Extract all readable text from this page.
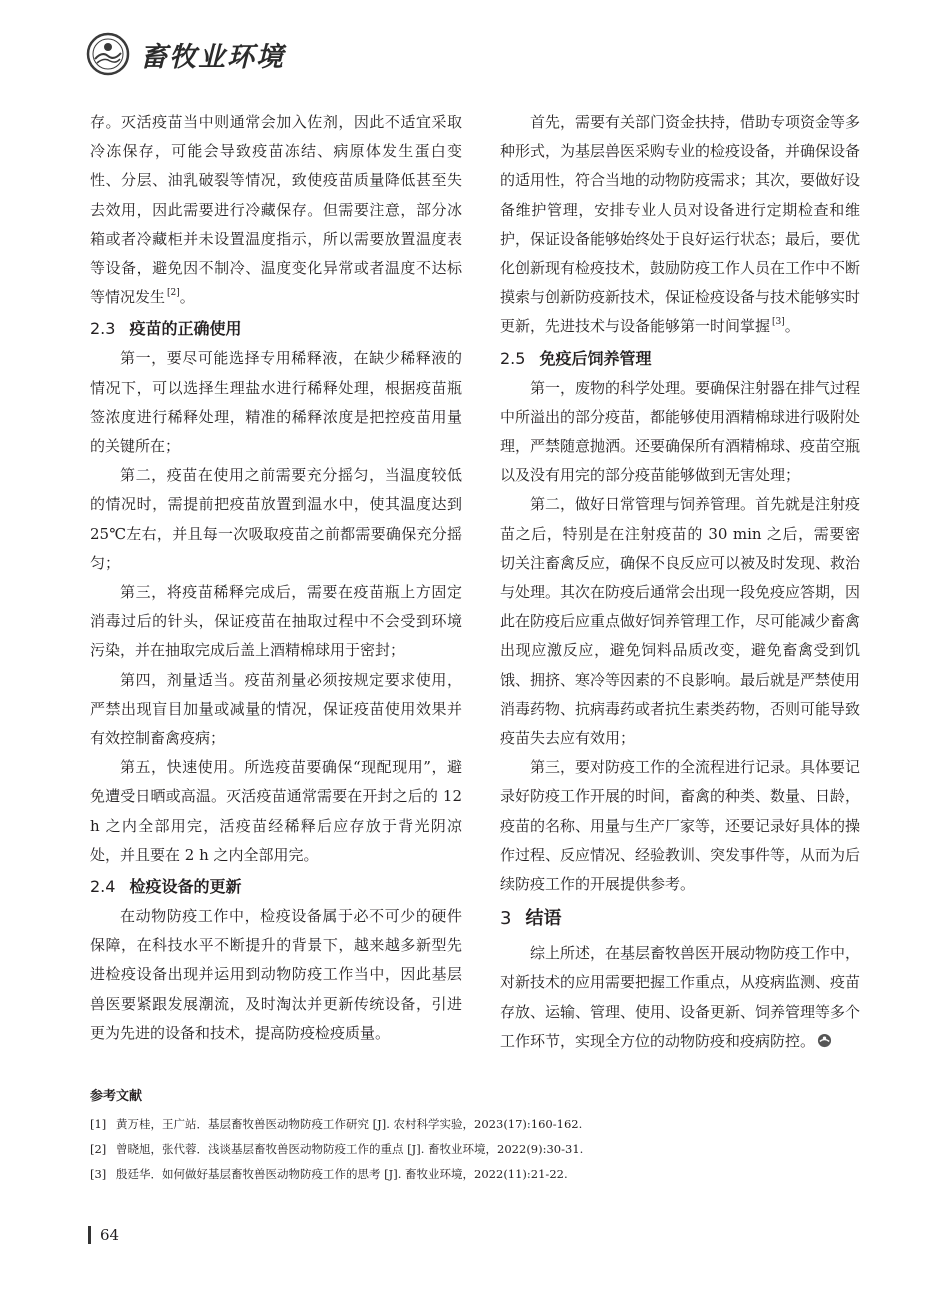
畜牧业环境

存。灭活疫苗当中则通常会加入佐剂，因此不适宜采取冷冻保存，可能会导致疫苗冻结、病原体发生蛋白变性、分层、油乳破裂等情况，致使疫苗质量降低甚至失去效用，因此需要进行冷藏保存。但需要注意，部分冰箱或者冷藏柜并未设置温度指示，所以需要放置温度表等设备，避免因不制冷、温度变化异常或者温度不达标等情况发生 [2]。

2.3 疫苗的正确使用

第一，要尽可能选择专用稀释液，在缺少稀释液的情况下，可以选择生理盐水进行稀释处理，根据疫苗瓶签浓度进行稀释处理，精准的稀释浓度是把控疫苗用量的关键所在；

第二，疫苗在使用之前需要充分摇匀，当温度较低的情况时，需提前把疫苗放置到温水中，使其温度达到 25℃左右，并且每一次吸取疫苗之前都需要确保充分摇匀；

第三，将疫苗稀释完成后，需要在疫苗瓶上方固定消毒过后的针头，保证疫苗在抽取过程中不会受到环境污染，并在抽取完成后盖上酒精棉球用于密封；

第四，剂量适当。疫苗剂量必须按规定要求使用，严禁出现盲目加量或减量的情况，保证疫苗使用效果并有效控制畜禽疫病；

第五，快速使用。所选疫苗要确保“现配现用”，避免遭受日晒或高温。灭活疫苗通常需要在开封之后的 12 h 之内全部用完，活疫苗经稀释后应存放于背光阴凉处，并且要在 2 h 之内全部用完。

2.4 检疫设备的更新

在动物防疫工作中，检疫设备属于必不可少的硬件保障，在科技水平不断提升的背景下，越来越多新型先进检疫设备出现并运用到动物防疫工作当中，因此基层兽医要紧跟发展潮流，及时淘汰并更新传统设备，引进更为先进的设备和技术，提高防疫检疫质量。

首先，需要有关部门资金扶持，借助专项资金等多种形式，为基层兽医采购专业的检疫设备，并确保设备的适用性，符合当地的动物防疫需求；其次，要做好设备维护管理，安排专业人员对设备进行定期检查和维护，保证设备能够始终处于良好运行状态；最后，要优化创新现有检疫技术，鼓励防疫工作人员在工作中不断摸索与创新防疫新技术，保证检疫设备与技术能够实时更新，先进技术与设备能够第一时间掌握 [3]。

2.5 免疫后饲养管理

第一，废物的科学处理。要确保注射器在排气过程中所溢出的部分疫苗，都能够使用酒精棉球进行吸附处理，严禁随意抛洒。还要确保所有酒精棉球、疫苗空瓶以及没有用完的部分疫苗能够做到无害处理；

第二，做好日常管理与饲养管理。首先就是注射疫苗之后，特别是在注射疫苗的 30 min 之后，需要密切关注畜禽反应，确保不良反应可以被及时发现、救治与处理。其次在防疫后通常会出现一段免疫应答期，因此在防疫后应重点做好饲养管理工作，尽可能减少畜禽出现应激反应，避免饲料品质改变，避免畜禽受到饥饿、拥挤、寒冷等因素的不良影响。最后就是严禁使用消毒药物、抗病毒药或者抗生素类药物，否则可能导致疫苗失去应有效用；

第三，要对防疫工作的全流程进行记录。具体要记录好防疫工作开展的时间，畜禽的种类、数量、日龄，疫苗的名称、用量与生产厂家等，还要记录好具体的操作过程、反应情况、经验教训、突发事件等，从而为后续防疫工作的开展提供参考。

3 结语

综上所述，在基层畜牧兽医开展动物防疫工作中，对新技术的应用需要把握工作重点，从疫病监测、疫苗存放、运输、管理、使用、设备更新、饲养管理等多个工作环节，实现全方位的动物防疫和疫病防控。

参考文献
[1] 黄万桂，王广站．基层畜牧兽医动物防疫工作研究 [J]. 农村科学实验，2023(17):160-162.
[2] 曾晓旭，张代蓉．浅谈基层畜牧兽医动物防疫工作的重点 [J]. 畜牧业环境，2022(9):30-31.
[3] 殷廷华．如何做好基层畜牧兽医动物防疫工作的思考 [J]. 畜牧业环境，2022(11):21-22.
64
